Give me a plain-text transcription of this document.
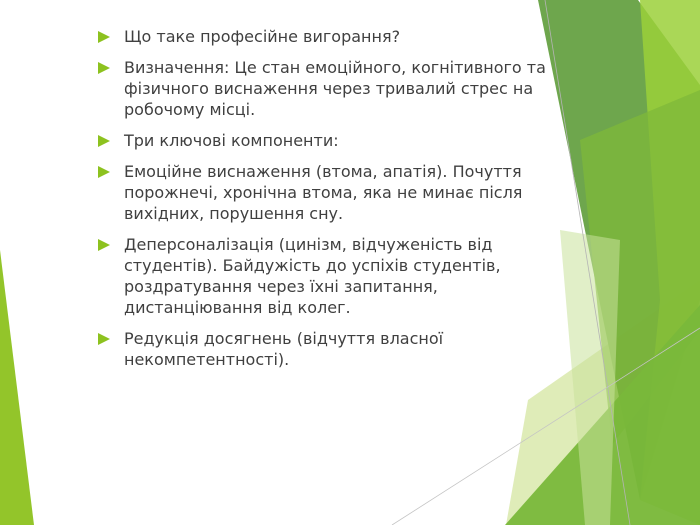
Що таке професійне вигорання?
Визначення: Це стан емоційного, когнітивного та фізичного виснаження через тривалий стрес на робочому місці.
Три ключові компоненти:
Емоційне виснаження (втома, апатія). Почуття порожнечі, хронічна втома, яка не минає після вихідних, порушення сну.
Деперсоналізація (цинізм, відчуженість від студентів). Байдужість до успіхів студентів, роздратування через їхні запитання, дистанціювання від колег.
Редукція досягнень (відчуття власної некомпетентності).
